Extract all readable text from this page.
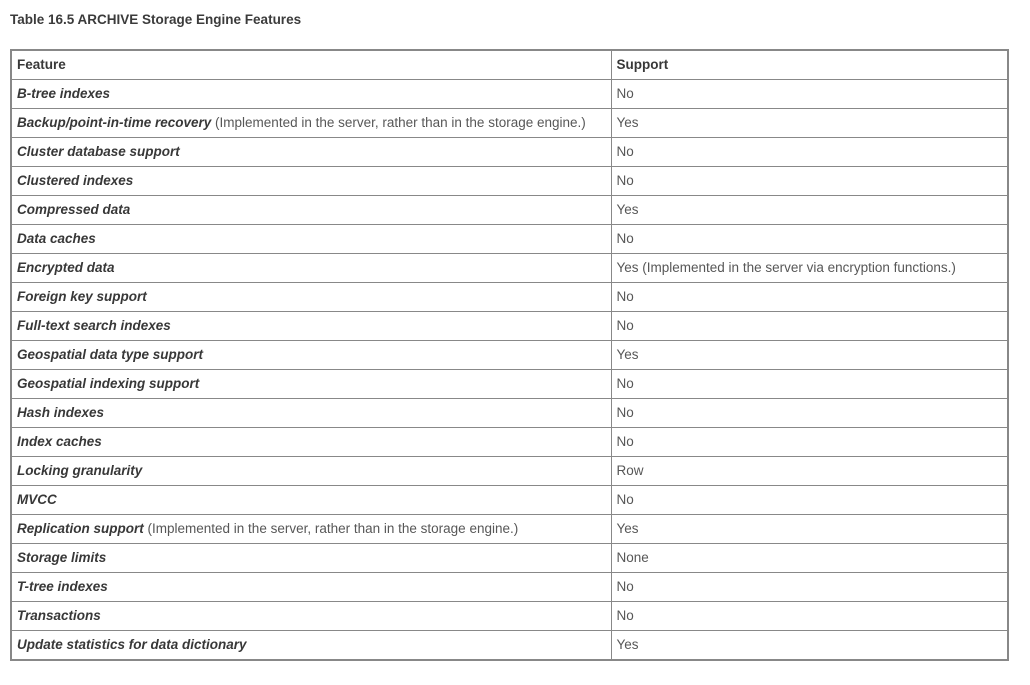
Table 16.5 ARCHIVE Storage Engine Features
Feature	Support
B-tree indexes	No
Backup/point-in-time recovery (Implemented in the server, rather than in the storage engine.)	Yes
Cluster database support	No
Clustered indexes	No
Compressed data	Yes
Data caches	No
Encrypted data	Yes (Implemented in the server via encryption functions.)
Foreign key support	No
Full-text search indexes	No
Geospatial data type support	Yes
Geospatial indexing support	No
Hash indexes	No
Index caches	No
Locking granularity	Row
MVCC	No
Replication support (Implemented in the server, rather than in the storage engine.)	Yes
Storage limits	None
T-tree indexes	No
Transactions	No
Update statistics for data dictionary	Yes
